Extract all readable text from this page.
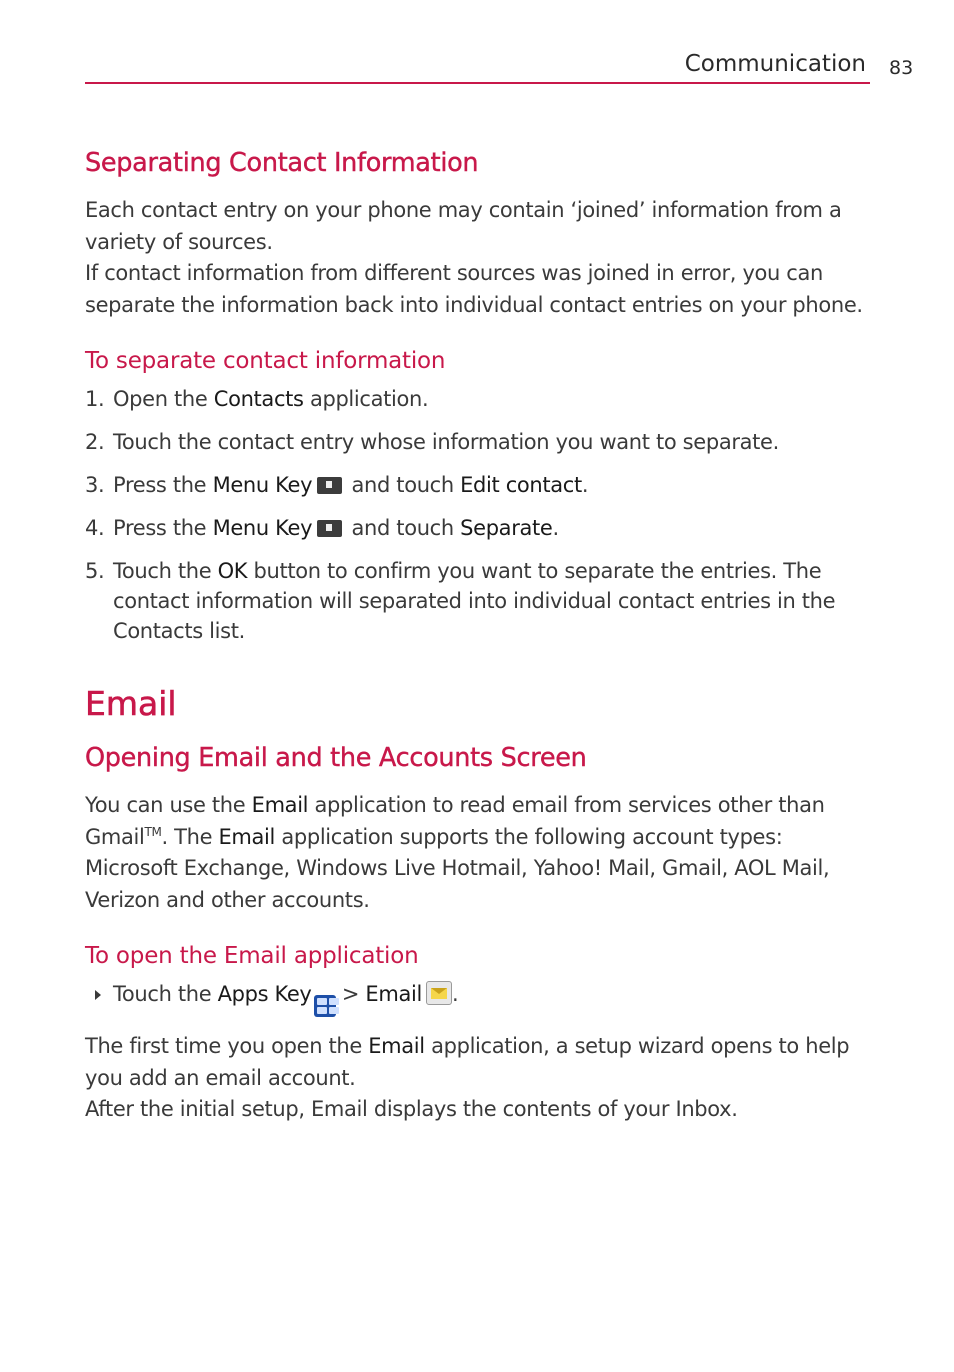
Communication 83
Separating Contact Information

Each contact entry on your phone may contain ‘joined’ information from a variety of sources.

If contact information from different sources was joined in error, you can separate the information back into individual contact entries on your phone.

To separate contact information
1. Open the Contacts application.
2. Touch the contact entry whose information you want to separate.
3. Press the Menu Key and touch Edit contact.
4. Press the Menu Key and touch Separate.
5. Touch the OK button to confirm you want to separate the entries. The contact information will separated into individual contact entries in the Contacts list.
Email
Opening Email and the Accounts Screen

You can use the Email application to read email from services other than Gmail™. The Email application supports the following account types: Microsoft Exchange, Windows Live Hotmail, Yahoo! Mail, Gmail, AOL Mail, Verizon and other accounts.

To open the Email application
Touch the Apps Key
> Email .

The first time you open the Email application, a setup wizard opens to help you add an email account.

After the initial setup, Email displays the contents of your Inbox.
